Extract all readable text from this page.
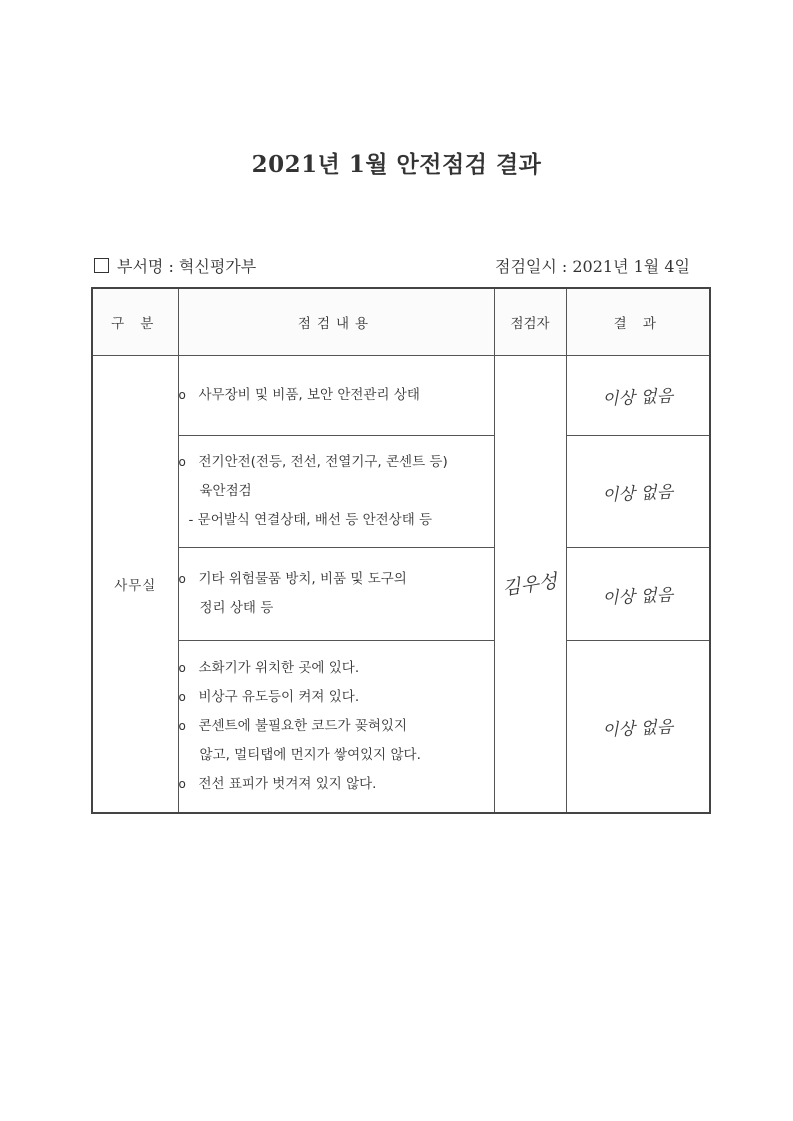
2021년 1월 안전점검 결과
부서명 : 혁신평가부	점검일시 : 2021년 1월 4일
구 분	점검내용	점검자	결 과
사무실	o 사무장비 및 비품, 보안 안전관리 상태	김우성	이상 없음

	o 전기안전(전등, 전선, 전열기구, 콘센트 등)
육안점검
- 문어발식 연결상태, 배선 등 안전상태 등		이상 없음

	o 기타 위험물품 방치, 비품 및 도구의
정리 상태 등		이상 없음

	o 소화기가 위치한 곳에 있다.
o 비상구 유도등이 켜져 있다.
o 콘센트에 불필요한 코드가 꽂혀있지
않고, 멀티탭에 먼지가 쌓여있지 않다.
o 전선 표피가 벗겨져 있지 않다.		이상 없음
